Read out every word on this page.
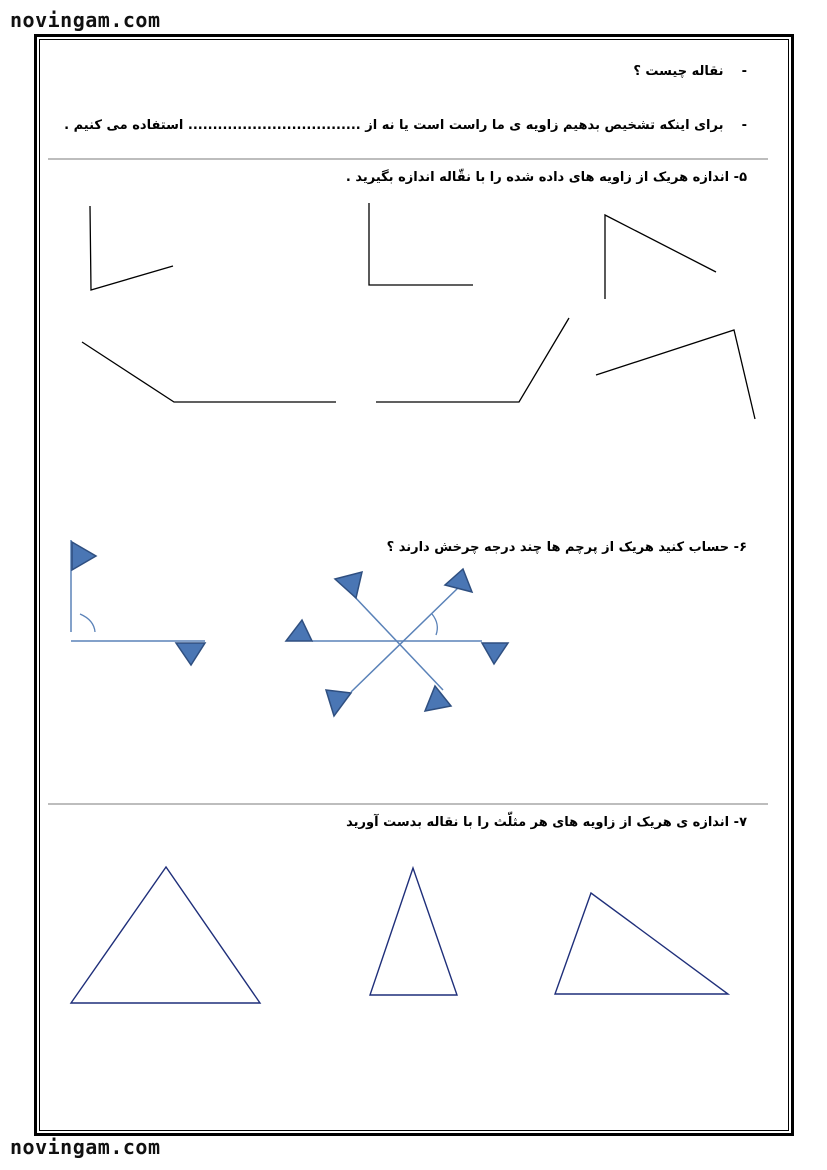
novingam.com
novingam.com
-    نقاله چیست ؟
-    برای اینکه تشخیص بدهیم زاویه ی ما راست است یا نه از ................................... استفاده می کنیم .
۵- اندازه هریک از زاویه های داده شده را با نقّاله اندازه بگیرید .
۶- حساب کنید هریک از پرچم ها چند درجه چرخش دارند ؟
۷- اندازه ی هریک از زاویه های هر مثلّث را با نقاله بدست آورید
